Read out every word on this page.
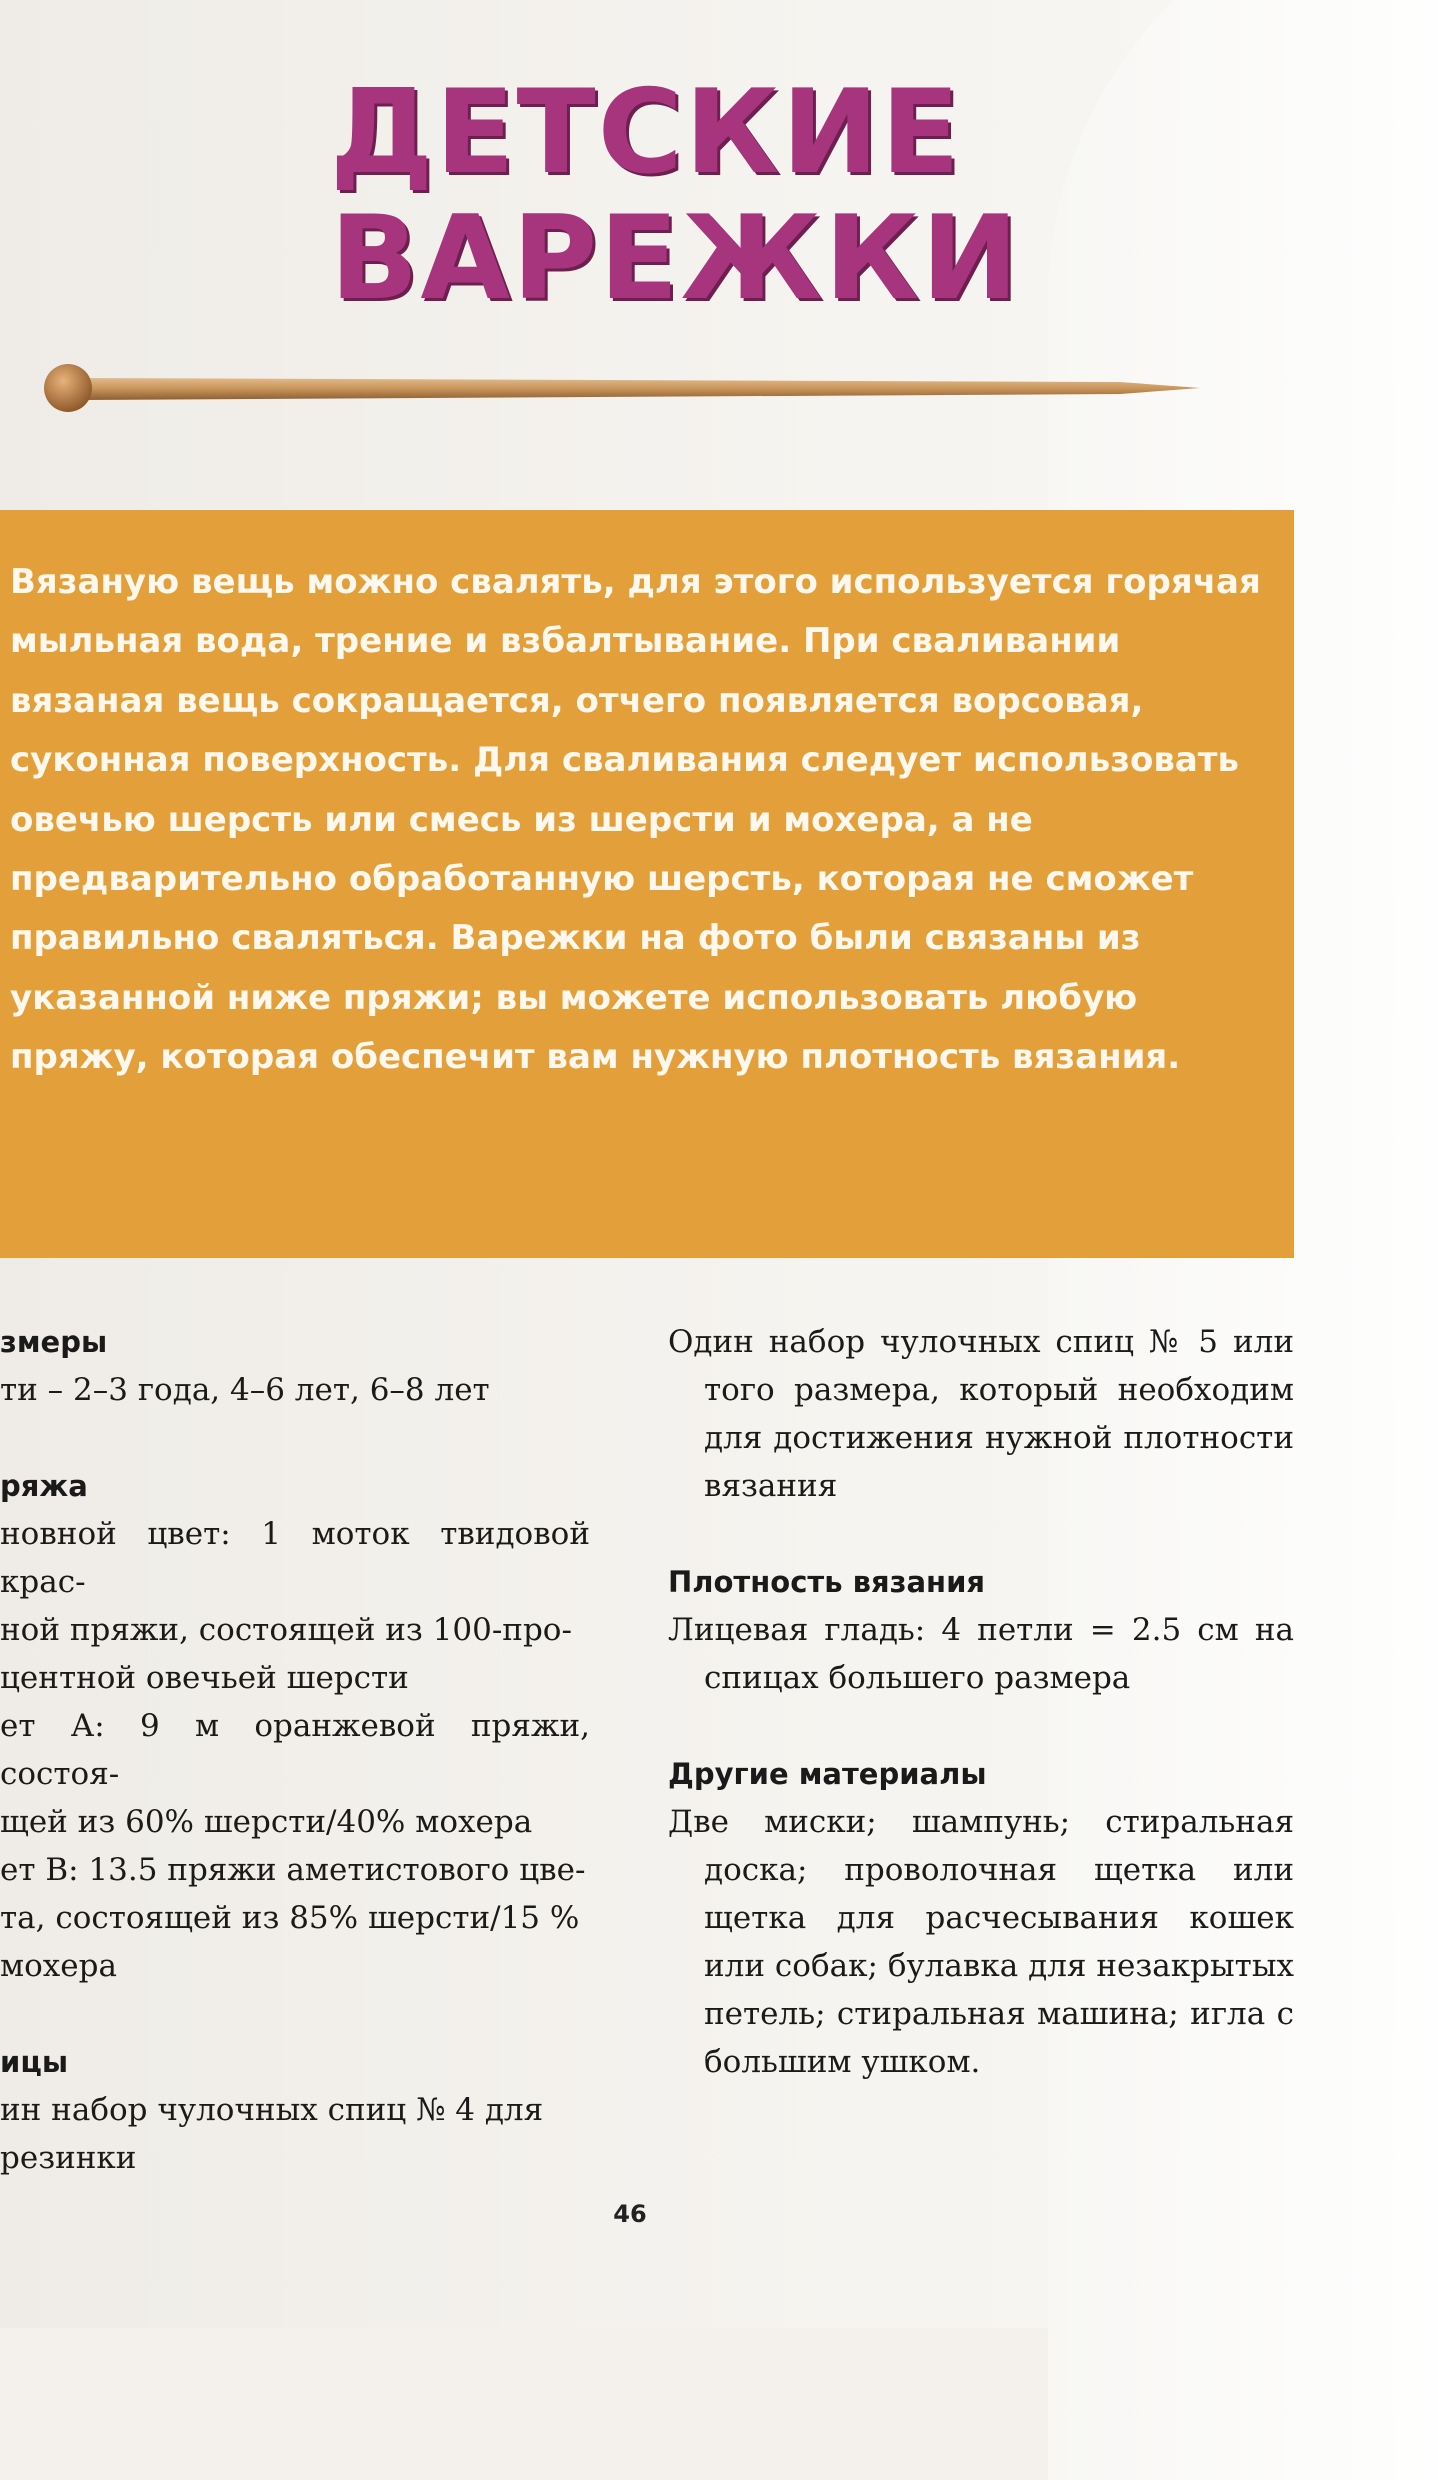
ДЕТСКИЕ
ВАРЕЖКИ

Вязаную вещь можно свалять, для этого используется горячая мыльная вода, трение и взбалтывание. При сваливании вязаная вещь сокращается, отчего появляется ворсовая, суконная поверхность. Для сваливания следует использовать овечью шерсть или смесь из шерсти и мохера, а не предварительно обработанную шерсть, которая не сможет правильно сваляться. Варежки на фото были связаны из указанной ниже пряжи; вы можете использовать любую пряжу, которая обеспечит вам нужную плотность вязания.

змеры

ти – 2–3 года, 4–6 лет, 6–8 лет

ряжа

новной цвет: 1 моток твидовой крас-
ной пряжи, состоящей из 100-про-
центной овечьей шерсти
ет А: 9 м оранжевой пряжи, состоя-
щей из 60% шерсти/40% мохера
ет В: 13.5 пряжи аметистового цве-
та, состоящей из 85% шерсти/15 %
мохера

ицы

ин набор чулочных спиц № 4 для
резинки

Один набор чулочных спиц № 5 или того размера, который необходим для достижения нужной плотности вязания

Плотность вязания

Лицевая гладь: 4 петли = 2.5 см на спицах большего размера

Другие материалы

Две миски; шампунь; стиральная доска; проволочная щетка или щетка для расчесывания кошек или собак; булавка для незакрытых петель; стиральная машина; игла с большим ушком.

46
